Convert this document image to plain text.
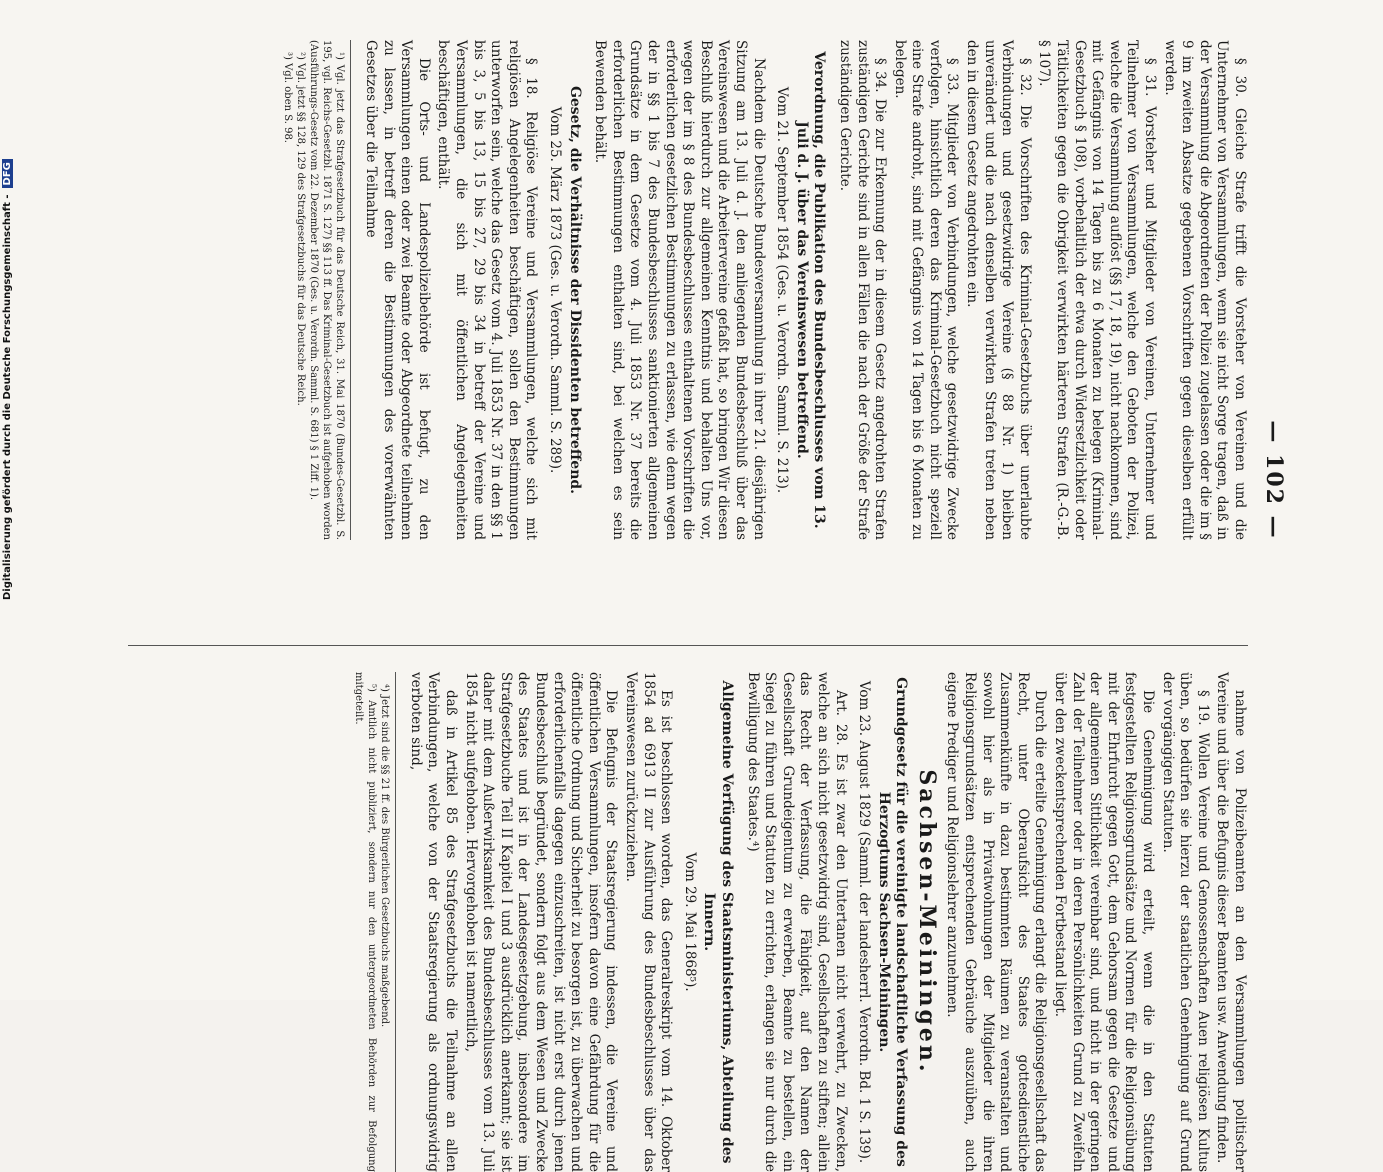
— 102 —

§ 30. Gleiche Strafe trifft die Vorsteher von Vereinen und die Unternehmer von Versammlungen, wenn sie nicht Sorge tragen, daß in der Versammlung die Abgeordneten der Polizei zugelassen oder die im § 9 im zweiten Absatze gegebenen Vorschriften gegen dieselben erfüllt werden.

§ 31. Vorsteher und Mitglieder von Vereinen, Unternehmer und Teilnehmer von Versammlungen, welche den Geboten der Polizei, welche die Versammlung auflöst (§§ 17, 18, 19), nicht nachkommen, sind mit Gefängnis von 14 Tagen bis zu 6 Monaten zu belegen (Kriminal-Gesetzbuch § 108), vorbehaltlich der etwa durch Widersetzlichkeit oder Tätlichkeiten gegen die Obrigkeit verwirkten härteren Strafen (R.-G.-B. § 107).

§ 32. Die Vorschriften des Kriminal-Gesetzbuchs über unerlaubte Verbindungen und gesetzwidrige Vereine (§ 88 Nr. 1) bleiben unverändert und die nach denselben verwirkten Strafen treten neben den in diesem Gesetz angedrohten ein.

§ 33. Mitglieder von Verbindungen, welche gesetzwidrige Zwecke verfolgen, hinsichtlich deren das Kriminal-Gesetzbuch nicht speziell eine Strafe androht, sind mit Gefängnis von 14 Tagen bis 6 Monaten zu belegen.

§ 34. Die zur Erkennung der in diesem Gesetz angedrohten Strafen zuständigen Gerichte sind in allen Fällen die nach der Größe der Strafe zuständigen Gerichte.

Verordnung, die Publikation des Bundesbeschlusses vom 13. Juli d. J. über das Vereinswesen betreffend.
Vom 21. September 1854 (Ges. u. Verordn. Samml. S. 213).

Nachdem die Deutsche Bundesversammlung in ihrer 21. diesjährigen Sitzung am 13. Juli d. J. den anliegenden Bundesbeschluß über das Vereinswesen und die Arbeitervereine gefaßt hat, so bringen Wir diesen Beschluß hierdurch zur allgemeinen Kenntnis und behalten Uns vor, wegen der im § 8 des Bundesbeschlusses enthaltenen Vorschriften die erforderlichen gesetzlichen Bestimmungen zu erlassen, wie denn wegen der in §§ 1 bis 7 des Bundesbeschlusses sanktionierten allgemeinen Grundsätze in dem Gesetze vom 4. Juli 1853 Nr. 37 bereits die erforderlichen Bestimmungen enthalten sind, bei welchen es sein Bewenden behält.

Gesetz, die Verhältnisse der Dissidenten betreffend.
Vom 25. März 1873 (Ges. u. Verordn. Samml. S. 289).

§ 18. Religiöse Vereine und Versammlungen, welche sich mit religiösen Angelegenheiten beschäftigen, sollen den Bestimmungen unterworfen sein, welche das Gesetz vom 4. Juli 1853 Nr. 37 in den §§ 1 bis 3, 5 bis 13, 15 bis 27, 29 bis 34 in betreff der Vereine und Versammlungen, die sich mit öffentlichen Angelegenheiten beschäftigen, enthält.

Die Orts- und Landespolizeibehörde ist befugt, zu den Versammlungen einen oder zwei Beamte oder Abgeordnete teilnehmen zu lassen, in betreff deren die Bestimmungen des vorerwähnten Gesetzes über die Teilnahme

¹) Vgl. jetzt das Strafgesetzbuch für das Deutsche Reich, 31. Mai 1870 (Bundes-Gesetzbl. S. 195, vgl. Reichs-Gesetzbl. 1871 S. 127) §§ 113 ff. Das Kriminal-Gesetzbuch ist aufgehoben worden (Ausführungs-Gesetz vom 22. Dezember 1870 (Ges. u. Verordn. Samml. S. 681) § 1 Ziff. 1).
²) Vgl. jetzt §§ 128, 129 des Strafgesetzbuchs für das Deutsche Reich.
³) Vgl. oben S. 98.

nahme von Polizeibeamten an den Versammlungen politischer Vereine und über die Befugnis dieser Beamten usw. Anwendung finden.

§ 19. Wollen Vereine und Genossenschaften Auen religiösen Kultus üben, so bedürfen sie hierzu der staatlichen Genehmigung auf Grund der vorgängigen Statuten.

Die Genehmigung wird erteilt, wenn die in den Statuten festgestellten Religionsgrundsätze und Normen für die Religionsübung mit der Ehrfurcht gegen Gott, dem Gehorsam gegen die Gesetze und der allgemeinen Sittlichkeit vereinbar sind, und nicht in der geringen Zahl der Teilnehmer oder in deren Persönlichkeiten Grund zu Zweifeln über den zweckentsprechenden Fortbestand liegt.

Durch die erteilte Genehmigung erlangt die Religionsgesellschaft das Recht, unter Oberaufsicht des Staates gottesdienstliche Zusammenkünfte in dazu bestimmten Räumen zu veranstalten und sowohl hier als in Privatwohnungen der Mitglieder die ihren Religionsgrundsätzen entsprechenden Gebräuche auszuüben, auch eigene Prediger und Religionslehrer anzunehmen.

Sachsen-Meiningen.
Grundgesetz für die vereinigte landschaftliche Verfassung des Herzogtums Sachsen-Meiningen.
Vom 23. August 1829 (Samml. der landesherrl. Verordn. Bd. 1 S. 139).

Art. 28. Es ist zwar den Untertanen nicht verwehrt, zu Zwecken, welche an sich nicht gesetzwidrig sind, Gesellschaften zu stiften; allein das Recht der Verfassung, die Fähigkeit, auf den Namen der Gesellschaft Grundeigentum zu erwerben, Beamte zu bestellen, ein Siegel zu führen und Statuten zu errichten, erlangen sie nur durch die Bewilligung des Staates.⁴)

Allgemeine Verfügung des Staatsministeriums, Abteilung des Innern.
Vom 29. Mai 1868⁵).

Es ist beschlossen worden, das Generalreskript vom 14. Oktober 1854 ad 6913 II zur Ausführung des Bundesbeschlusses über das Vereinswesen zurückzuziehen.

Die Befugnis der Staatsregierung indessen, die Vereine und öffentlichen Versammlungen, insofern davon eine Gefährdung für die öffentliche Ordnung und Sicherheit zu besorgen ist, zu überwachen und erforderlichenfalls dagegen einzuschreiten, ist nicht erst durch jenen Bundesbeschluß begründet, sondern folgt aus dem Wesen und Zwecke des Staates und ist in der Landesgesetzgebung, insbesondere im Strafgesetzbuche Teil II Kapitel I und 3 ausdrücklich anerkannt; sie ist daher mit dem Außerwirksamkeit des Bundesbeschlusses vom 13. Juli 1854 nicht aufgehoben. Hervorgehoben ist namentlich,

daß in Artikel 85 des Strafgesetzbuchs die Teilnahme an allen Verbindungen, welche von der Staatsregierung als ordnungswidrig verboten sind,

⁴) Jetzt sind die §§ 21 ff. des Bürgerlichen Gesetzbuchs maßgebend.
⁵) Amtlich nicht publiziert, sondern nur den untergeordneten Behörden zur Befolgung mitgeteilt.
Digitalisierung gefördert durch die Deutsche Forschungsgemeinschaft -DFG
